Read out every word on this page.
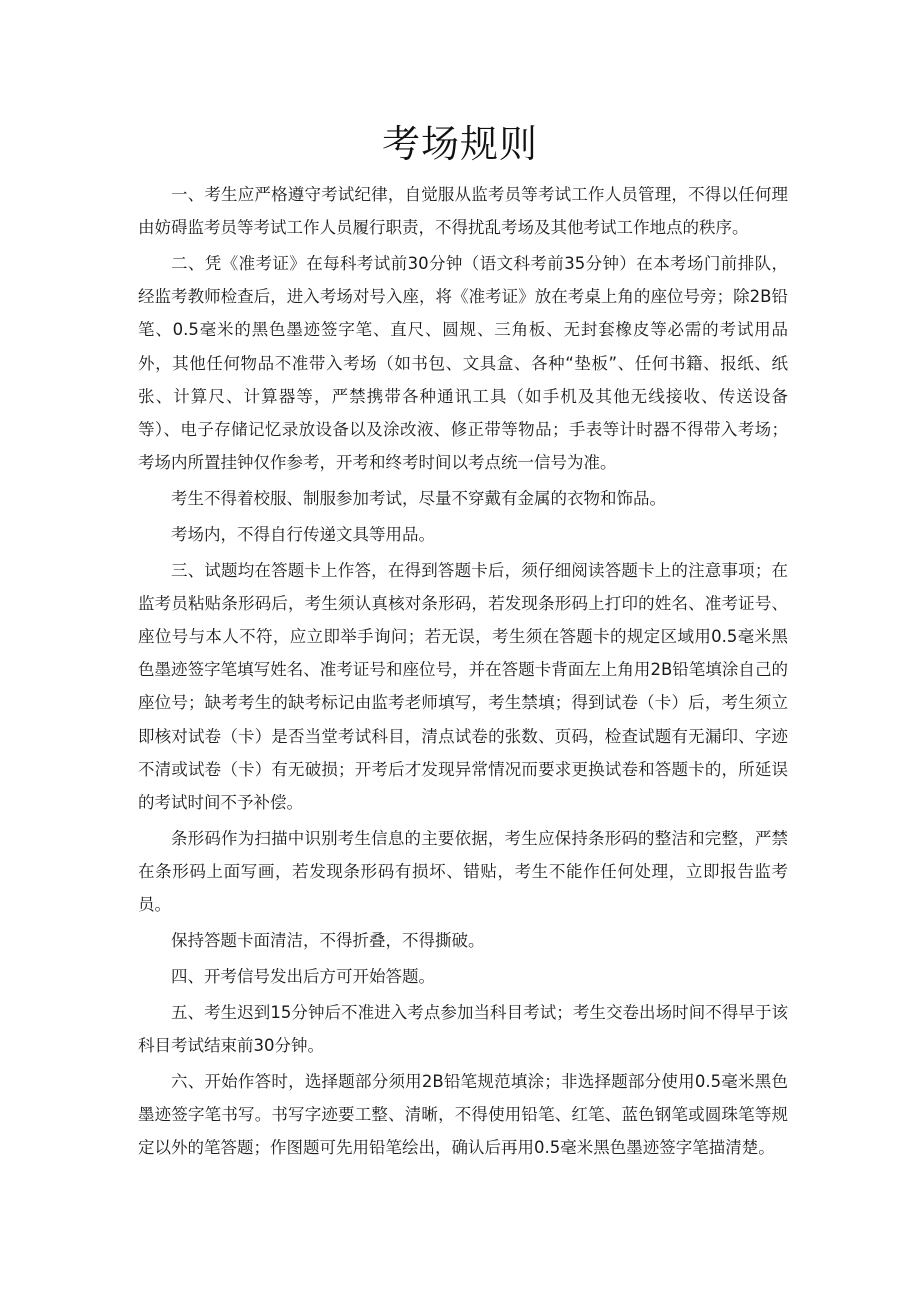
考场规则

一、考生应严格遵守考试纪律，自觉服从监考员等考试工作人员管理，不得以任何理由妨碍监考员等考试工作人员履行职责，不得扰乱考场及其他考试工作地点的秩序。

二、凭《准考证》在每科考试前30分钟（语文科考前35分钟）在本考场门前排队，经监考教师检查后，进入考场对号入座，将《准考证》放在考桌上角的座位号旁；除2B铅笔、0.5毫米的黑色墨迹签字笔、直尺、圆规、三角板、无封套橡皮等必需的考试用品外，其他任何物品不准带入考场（如书包、文具盒、各种“垫板”、任何书籍、报纸、纸张、计算尺、计算器等，严禁携带各种通讯工具（如手机及其他无线接收、传送设备等）、电子存储记忆录放设备以及涂改液、修正带等物品；手表等计时器不得带入考场；考场内所置挂钟仅作参考，开考和终考时间以考点统一信号为准。

考生不得着校服、制服参加考试，尽量不穿戴有金属的衣物和饰品。

考场内，不得自行传递文具等用品。

三、试题均在答题卡上作答，在得到答题卡后，须仔细阅读答题卡上的注意事项；在监考员粘贴条形码后，考生须认真核对条形码，若发现条形码上打印的姓名、准考证号、座位号与本人不符，应立即举手询问；若无误，考生须在答题卡的规定区域用0.5毫米黑色墨迹签字笔填写姓名、准考证号和座位号，并在答题卡背面左上角用2B铅笔填涂自己的座位号；缺考考生的缺考标记由监考老师填写，考生禁填；得到试卷（卡）后，考生须立即核对试卷（卡）是否当堂考试科目，清点试卷的张数、页码，检查试题有无漏印、字迹不清或试卷（卡）有无破损；开考后才发现异常情况而要求更换试卷和答题卡的，所延误的考试时间不予补偿。

条形码作为扫描中识别考生信息的主要依据，考生应保持条形码的整洁和完整，严禁在条形码上面写画，若发现条形码有损坏、错贴，考生不能作任何处理，立即报告监考员。

保持答题卡面清洁，不得折叠，不得撕破。

四、开考信号发出后方可开始答题。

五、考生迟到15分钟后不准进入考点参加当科目考试；考生交卷出场时间不得早于该科目考试结束前30分钟。

六、开始作答时，选择题部分须用2B铅笔规范填涂；非选择题部分使用0.5毫米黑色墨迹签字笔书写。书写字迹要工整、清晰，不得使用铅笔、红笔、蓝色钢笔或圆珠笔等规定以外的笔答题；作图题可先用铅笔绘出，确认后再用0.5毫米黑色墨迹签字笔描清楚。
